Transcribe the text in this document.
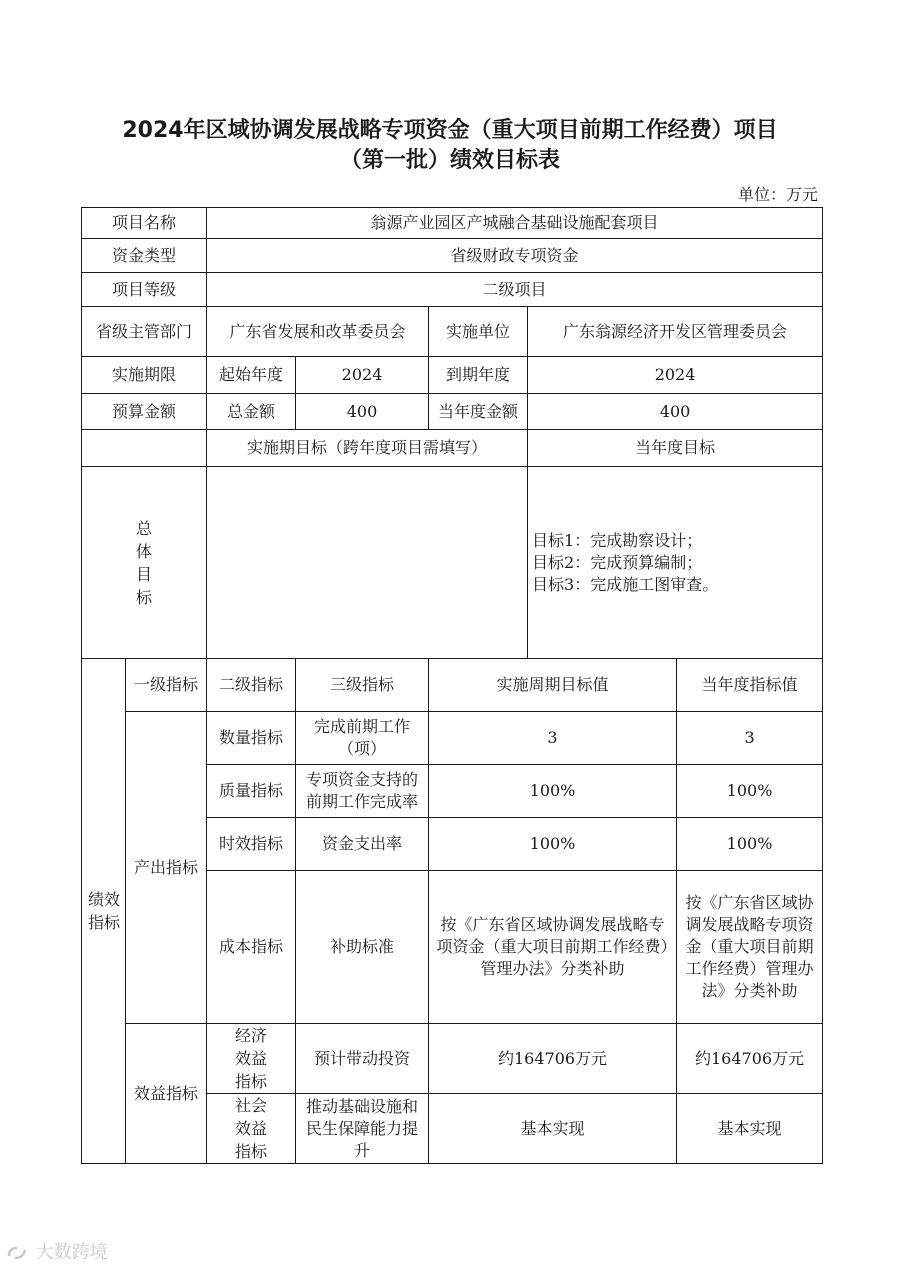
2024年区域协调发展战略专项资金（重大项目前期工作经费）项目
（第一批）绩效目标表
单位：万元
项目名称		翁源产业园区产城融合基础设施配套项目				
资金类型		省级财政专项资金				
项目等级		二级项目				
省级主管部门		广东省发展和改革委员会		实施单位	广东翁源经济开发区管理委员会	
实施期限		起始年度	2024	到期年度	2024	
预算金额		总金额	400	当年度金额	400	
		实施期目标（跨年度项目需填写）			当年度目标	
总体目标					目标1：完成勘察设计；
目标2：完成预算编制；
目标3：完成施工图审查。	

绩效指标	一级指标	二级指标	三级指标	实施周期目标值		当年度指标值
	产出指标	数量指标	完成前期工作（项）	3		3
		质量指标	专项资金支持的前期工作完成率	100%		100%
		时效指标	资金支出率	100%		100%
		成本指标	补助标准	按《广东省区域协调发展战略专项资金（重大项目前期工作经费）管理办法》分类补助		按《广东省区域协调发展战略专项资金（重大项目前期工作经费）管理办法》分类补助
	效益指标	经济效益指标	预计带动投资	约164706万元		约164706万元
		社会效益指标	推动基础设施和民生保障能力提升	基本实现		基本实现
大数跨境
